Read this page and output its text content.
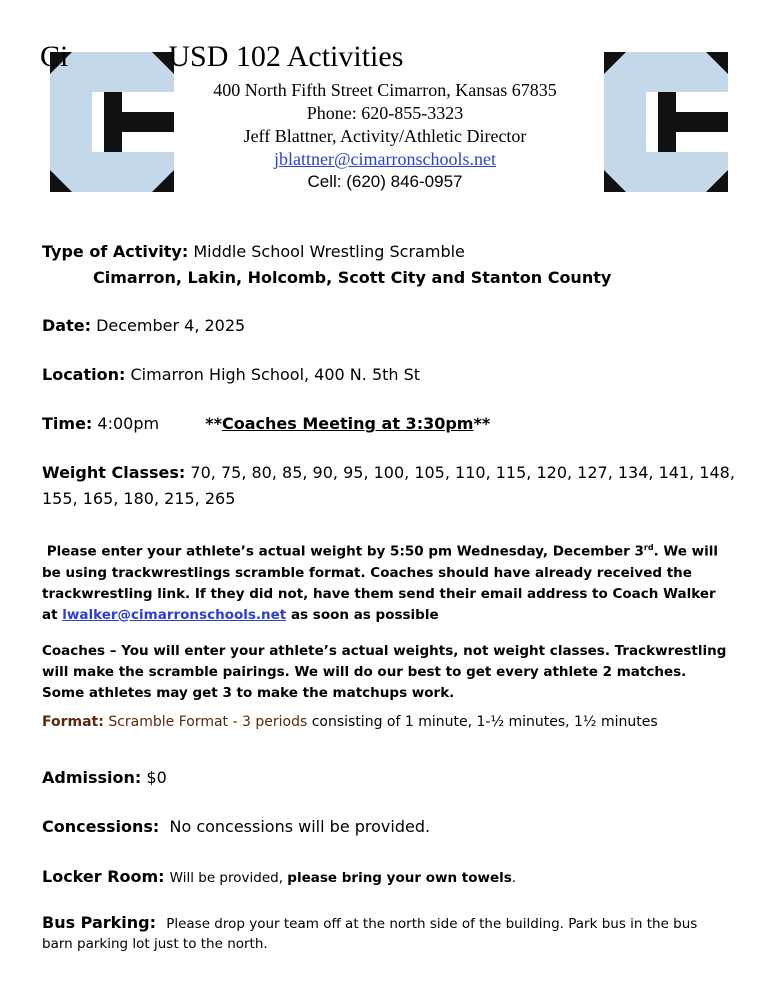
Ci	USD 102 Activities
400 North Fifth Street Cimarron, Kansas 67835
Phone: 620-855-3323
Jeff Blattner, Activity/Athletic Director
jblattner@cimarronschools.net
Cell: (620) 846-0957
Type of Activity: Middle School Wrestling Scramble
Cimarron, Lakin, Holcomb, Scott City and Stanton County
Date: December 4, 2025
Location: Cimarron High School, 400 N. 5th St
Time: 4:00pm	**Coaches Meeting at 3:30pm**
Weight Classes: 70, 75, 80, 85, 90, 95, 100, 105, 110, 115, 120, 127, 134, 141, 148,
155, 165, 180, 215, 265
Please enter your athlete’s actual weight by 5:50 pm Wednesday, December 3rd. We will be using trackwrestlings scramble format. Coaches should have already received the trackwrestling link. If they did not, have them send their email address to Coach Walker at lwalker@cimarronschools.net as soon as possible
Coaches – You will enter your athlete’s actual weights, not weight classes. Trackwrestling will make the scramble pairings. We will do our best to get every athlete 2 matches. Some athletes may get 3 to make the matchups work.
Format: Scramble Format - 3 periods consisting of 1 minute, 1-½ minutes, 1½ minutes
Admission: $0
Concessions: No concessions will be provided.
Locker Room: Will be provided, please bring your own towels.
Bus Parking: Please drop your team off at the north side of the building. Park bus in the bus
barn parking lot just to the north.
